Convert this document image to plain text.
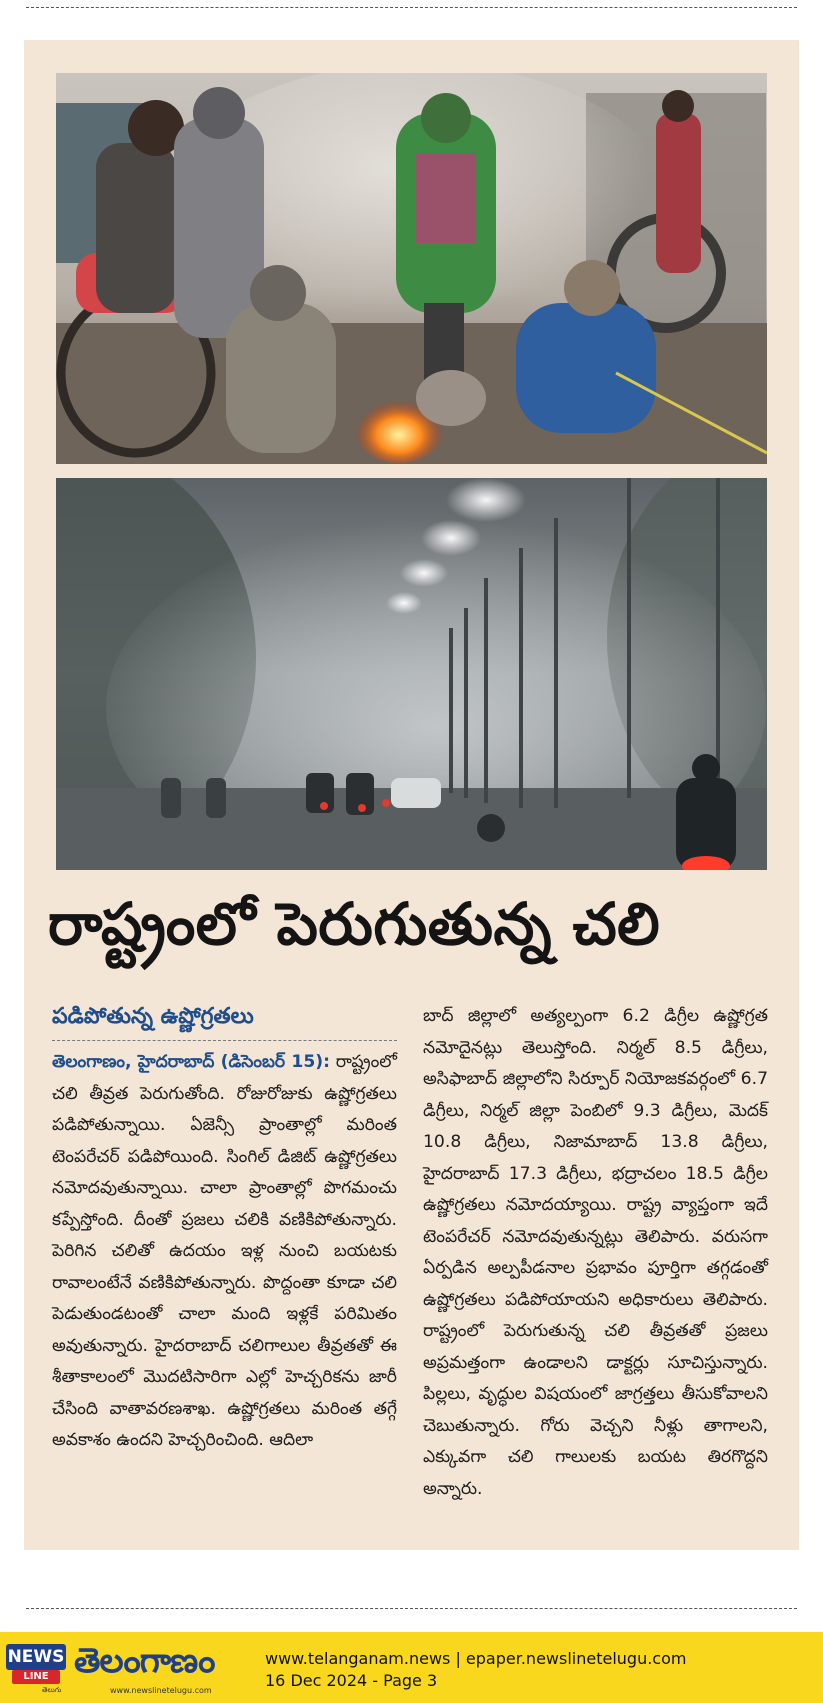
రాష్ట్రంలో పెరుగుతున్న చలి
పడిపోతున్న ఉష్ణోగ్రతలు

తెలంగాణం, హైదరాబాద్ (డిసెంబర్ 15): రాష్ట్రంలో చలి తీవ్రత పెరుగుతోంది. రోజురోజుకు ఉష్ణోగ్రతలు పడిపోతున్నాయి. ఏజెన్సీ ప్రాంతాల్లో మరింత టెంపరేచర్ పడిపోయింది. సింగిల్ డిజిట్ ఉష్ణోగ్రతలు నమోదవుతున్నాయి. చాలా ప్రాంతాల్లో పొగమంచు కప్పేస్తోంది. దీంతో ప్రజలు చలికి వణికిపోతున్నారు. పెరిగిన చలితో ఉదయం ఇళ్ల నుంచి బయటకు రావాలంటేనే వణికిపోతున్నారు. పొద్దంతా కూడా చలి పెడుతుండటంతో చాలా మంది ఇళ్లకే పరిమితం అవుతున్నారు. హైదరాబాద్ చలిగాలుల తీవ్రతతో ఈ శీతాకాలంలో మొదటిసారిగా ఎల్లో హెచ్చరికను జారీ చేసింది వాతావరణశాఖ. ఉష్ణోగ్రతలు మరింత తగ్గే అవకాశం ఉందని హెచ్చరించింది. ఆదిలా

బాద్ జిల్లాలో అత్యల్పంగా 6.2 డిగ్రీల ఉష్ణోగ్రత నమోదైనట్లు తెలుస్తోంది. నిర్మల్ 8.5 డిగ్రీలు, అసిఫాబాద్ జిల్లాలోని సిర్పూర్ నియోజకవర్గంలో 6.7 డిగ్రీలు, నిర్మల్ జిల్లా పెంబిలో 9.3 డిగ్రీలు, మెదక్ 10.8 డిగ్రీలు, నిజామాబాద్ 13.8 డిగ్రీలు, హైదరాబాద్ 17.3 డిగ్రీలు, భద్రాచలం 18.5 డిగ్రీల ఉష్ణోగ్రతలు నమోదయ్యాయి. రాష్ట్ర వ్యాప్తంగా ఇదే టెంపరేచర్ నమోదవుతున్నట్లు తెలిపారు. వరుసగా ఏర్పడిన అల్పపీడనాల ప్రభావం పూర్తిగా తగ్గడంతో ఉష్ణోగ్రతలు పడిపోయాయని అధికారులు తెలిపారు. రాష్ట్రంలో పెరుగుతున్న చలి తీవ్రతతో ప్రజలు అప్రమత్తంగా ఉండాలని డాక్టర్లు సూచిస్తున్నారు. పిల్లలు, వృద్ధుల విషయంలో జాగ్రత్తలు తీసుకోవాలని చెబుతున్నారు. గోరు వెచ్చని నీళ్లు తాగాలని, ఎక్కువగా చలి గాలులకు బయట తిరగొద్దని అన్నారు.

NEWS
LINE
తెలుగు
తెలంగాణం
www.newslinetelugu.com
www.telanganam.news | epaper.newslinetelugu.com
16 Dec 2024 - Page 3
